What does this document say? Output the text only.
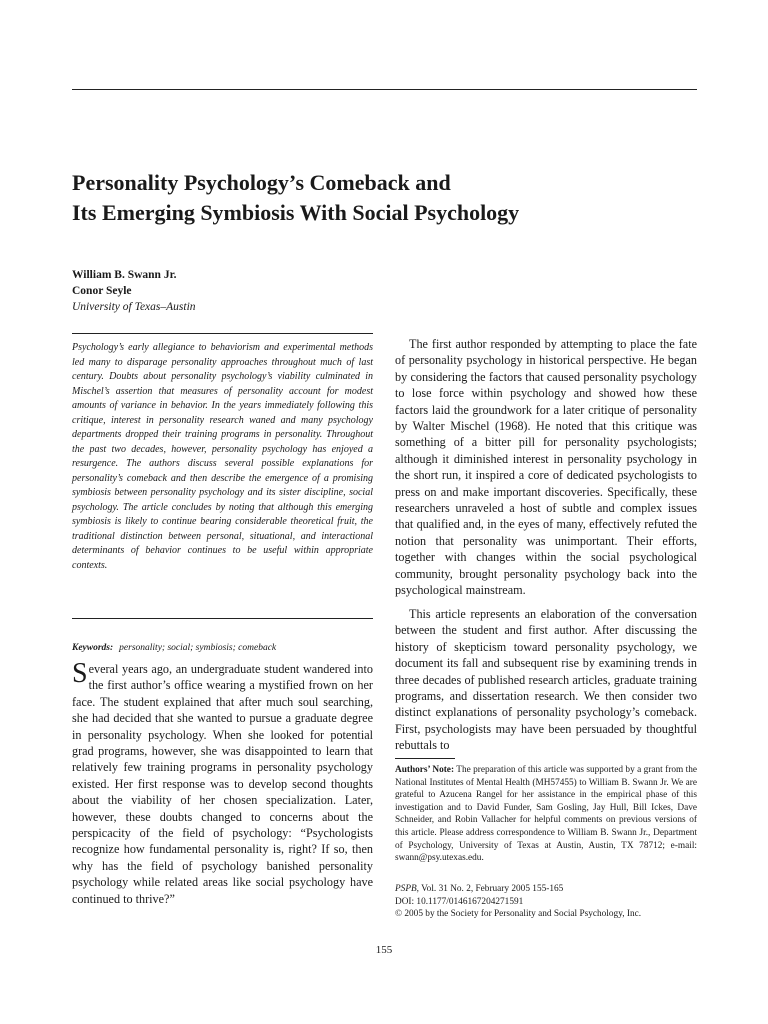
Personality Psychology’s Comeback and
Its Emerging Symbiosis With Social Psychology
William B. Swann Jr.
Conor Seyle
University of Texas–Austin

Psychology’s early allegiance to behaviorism and experimental methods led many to disparage personality approaches throughout much of last century. Doubts about personality psychology’s viability culminated in Mischel’s assertion that measures of personality account for modest amounts of variance in behavior. In the years immediately following this critique, interest in personality research waned and many psychology departments dropped their training programs in personality. Throughout the past two decades, however, personality psychology has enjoyed a resurgence. The authors discuss several possible explanations for personality’s comeback and then describe the emergence of a promising symbiosis between personality psychology and its sister discipline, social psychology. The article concludes by noting that although this emerging symbiosis is likely to continue bearing considerable theoretical fruit, the traditional distinction between personal, situational, and interactional determinants of behavior continues to be useful within appropriate contexts.

Keywords: personality; social; symbiosis; comeback

Several years ago, an undergraduate student wandered into the first author’s office wearing a mystified frown on her face. The student explained that after much soul searching, she had decided that she wanted to pursue a graduate degree in personality psychology. When she looked for potential grad programs, however, she was disappointed to learn that relatively few training programs in personality psychology existed. Her first response was to develop second thoughts about the viability of her chosen specialization. Later, however, these doubts changed to concerns about the perspicacity of the field of psychology: “Psychologists recognize how fundamental personality is, right? If so, then why has the field of psychology banished personality psychology while related areas like social psychology have continued to thrive?”

The first author responded by attempting to place the fate of personality psychology in historical perspective. He began by considering the factors that caused personality psychology to lose force within psychology and showed how these factors laid the groundwork for a later critique of personality by Walter Mischel (1968). He noted that this critique was something of a bitter pill for personality psychologists; although it diminished interest in personality psychology in the short run, it inspired a core of dedicated psychologists to press on and make important discoveries. Specifically, these researchers unraveled a host of subtle and complex issues that qualified and, in the eyes of many, effectively refuted the notion that personality was unimportant. Their efforts, together with changes within the social psychological community, brought personality psychology back into the psychological mainstream.

This article represents an elaboration of the conversation between the student and first author. After discussing the history of skepticism toward personality psychology, we document its fall and subsequent rise by examining trends in three decades of published research articles, graduate training programs, and dissertation research. We then consider two distinct explanations of personality psychology’s comeback. First, psychologists may have been persuaded by thoughtful rebuttals to

Authors’ Note: The preparation of this article was supported by a grant from the National Institutes of Mental Health (MH57455) to William B. Swann Jr. We are grateful to Azucena Rangel for her assistance in the empirical phase of this investigation and to David Funder, Sam Gosling, Jay Hull, Bill Ickes, Dave Schneider, and Robin Vallacher for helpful comments on previous versions of this article. Please address correspondence to William B. Swann Jr., Department of Psychology, University of Texas at Austin, Austin, TX 78712; e-mail: swann@psy.utexas.edu.

PSPB, Vol. 31 No. 2, February 2005 155-165
DOI: 10.1177/0146167204271591
© 2005 by the Society for Personality and Social Psychology, Inc.

155
